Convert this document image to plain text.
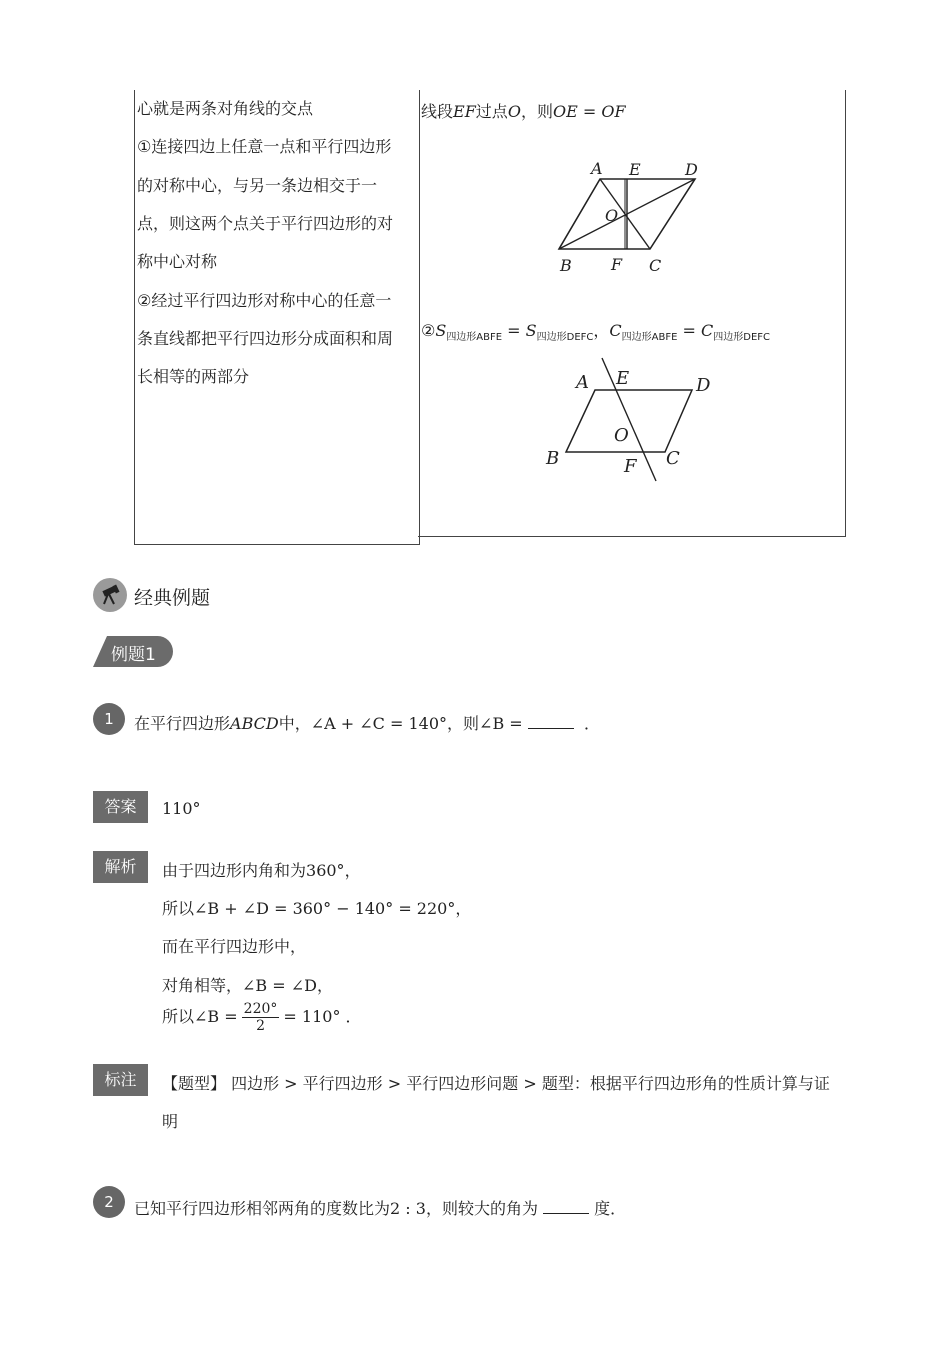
心就是两条对角线的交点
①连接四边上任意一点和平行四边形
的对称中心，与另一条边相交于一
点，则这两个点关于平行四边形的对
称中心对称
②经过平行四边形对称中心的任意一
条直线都把平行四边形分成面积和周
长相等的两部分
线段EF过点O，则OE = OF
A E	D
O
B F C
$②S_{四边形ABFE} = S_{四边形DEFC}$，$C_{四边形ABFE} = C_{四边形DEFC}$
A E	D
O
B	F C
经典例题
例题1
1	在平行四边形ABCD中，∠A + ∠C = 140°，则∠B =	．
答案	110°
解析	由于四边形内角和为360°，
所以∠B + ∠D = 360° − 140° = 220°，
而在平行四边形中，
对角相等，∠B = ∠D，
所以∠B = $\frac{220^\circ}{2} = 110^\circ$ ．
标注	【题型】 四边形 > 平行四边形 > 平行四边形问题 > 题型：根据平行四边形角的性质计算与证
明
2	已知平行四边形相邻两角的度数比为2 : 3，则较大的角为	度．
